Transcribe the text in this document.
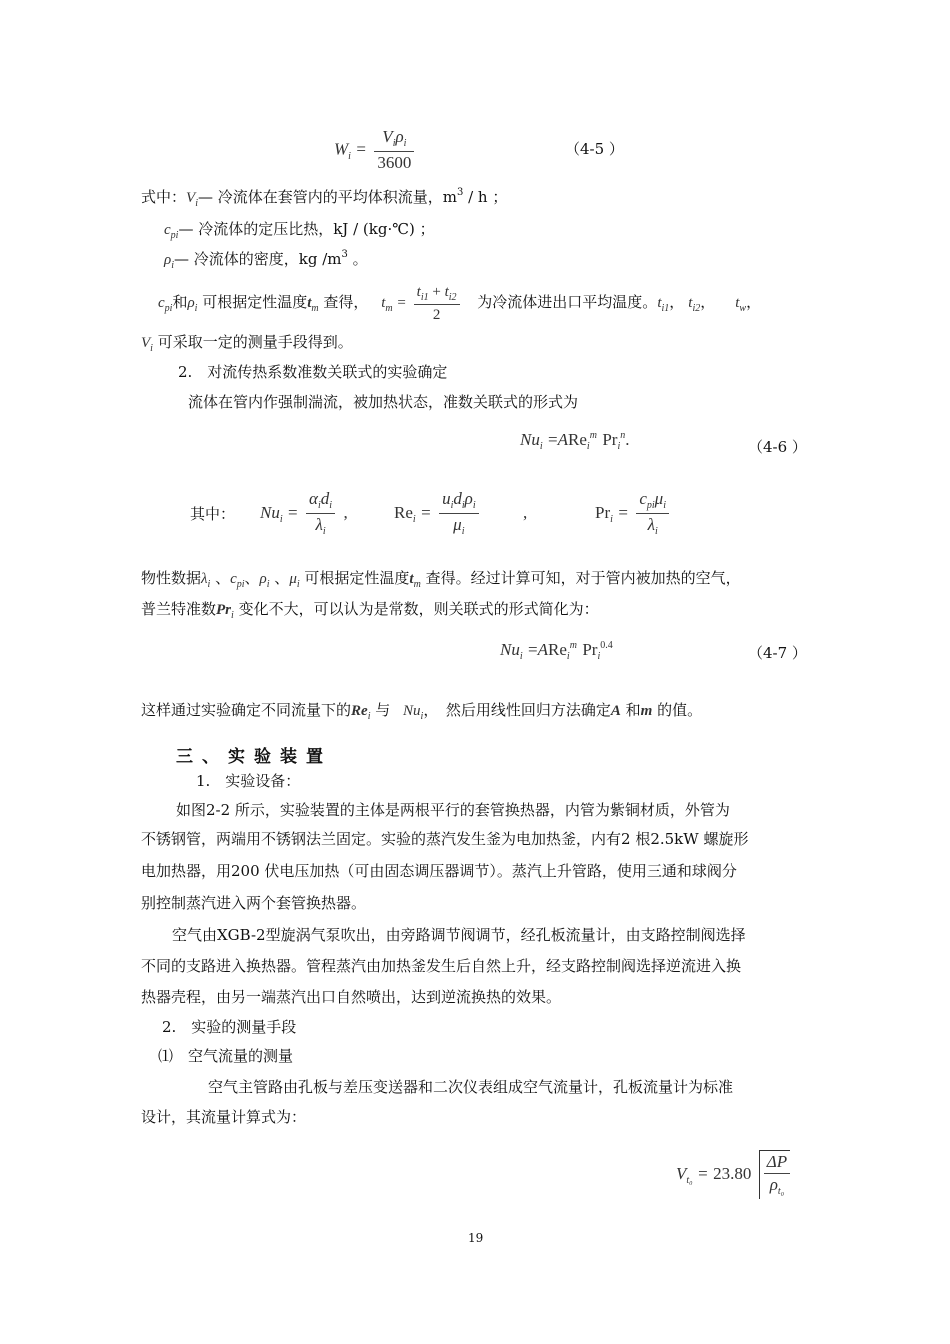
$W_i = \frac{V_i\rho_i}{3600}$	（4-5 ）
式中：$V_i—$ 冷流体在套管内的平均体积流量，$m^3$ / h ；
$c_{pi}—$ 冷流体的定压比热，kJ / (kg·℃) ；
$\rho_i—$ 冷流体的密度，kg $/m^3$ 。
$c_{pi}$和$\rho_i$ 可根据定性温度$t_m$ 查得， $t_m = \frac{t_{i1} + t_{i2}}{2}$ 为冷流体进出口平均温度。$t_{i1}$， $t_{i2}$， $t_w$，
$V_i$ 可采取一定的测量手段得到。
2.　对流传热系数准数关联式的实验确定
流体在管内作强制湍流，被加热状态，准数关联式的形式为
$Nu_i =ARe_i^m$ $Pr_i^n$.	（4-6 ）
其中： $Nu_i = \frac{\alpha_id_i}{\lambda_i}$ ,	$Re_i = \frac{u_id_i\rho_i}{\mu_i}$	,	$Pr_i = \frac{c_{pi}\mu_i}{\lambda_i}$
物性数据$\lambda_i$ 、$c_{pi}$、$\rho_i$ 、$\mu_i$ 可根据定性温度$t_m$ 查得。经过计算可知，对于管内被加热的空气，
普兰特准数$Pr_i$ 变化不大，可以认为是常数，则关联式的形式简化为：
$Nu_i =ARe_i^m$ $Pr_i^{0.4}$	（4-7 ）
这样通过实验确定不同流量下的$Re_i$ 与 $Nu_i$，　然后用线性回归方法确定A 和m 的值。
三、实验装置
1.　实验设备：
如图2-2 所示，实验装置的主体是两根平行的套管换热器，内管为紫铜材质，外管为
不锈钢管，两端用不锈钢法兰固定。实验的蒸汽发生釜为电加热釜，内有2 根2.5kW 螺旋形
电加热器，用200 伏电压加热（可由固态调压器调节）。蒸汽上升管路，使用三通和球阀分
别控制蒸汽进入两个套管换热器。
空气由XGB-2型旋涡气泵吹出，由旁路调节阀调节，经孔板流量计，由支路控制阀选择
不同的支路进入换热器。管程蒸汽由加热釜发生后自然上升，经支路控制阀选择逆流进入换
热器壳程，由另一端蒸汽出口自然喷出，达到逆流换热的效果。
2.　实验的测量手段
⑴　空气流量的测量
空气主管路由孔板与差压变送器和二次仪表组成空气流量计，孔板流量计为标准
设计，其流量计算式为：
$V_{t_0} = 23.80 \frac{\Delta P}{\rho_{t_0}}$
19
